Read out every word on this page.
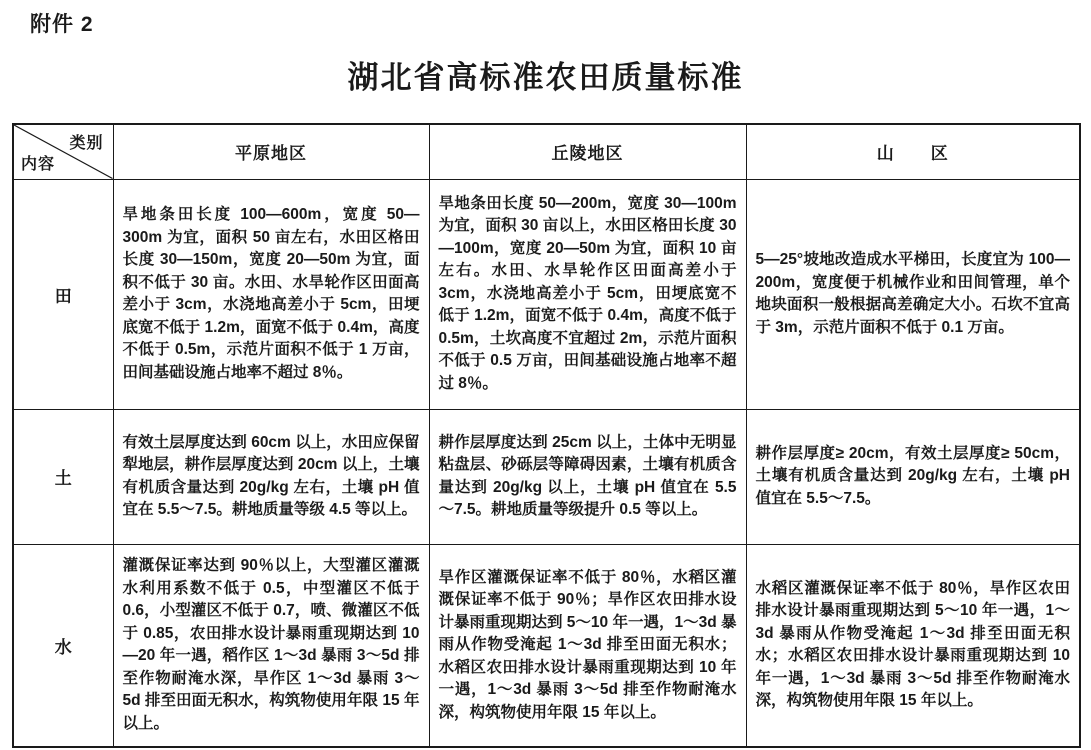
附件 2
湖北省高标准农田质量标准
类别
内容	平原地区	丘陵地区	山　　区
田	旱地条田长度 100—600m，宽度 50—300m 为宜，面积 50 亩左右，水田区格田长度 30—150m，宽度 20—50m 为宜，面积不低于 30 亩。水田、水旱轮作区田面高差小于 3cm，水浇地高差小于 5cm，田埂底宽不低于 1.2m，面宽不低于 0.4m，高度不低于 0.5m，示范片面积不低于 1 万亩，田间基础设施占地率不超过 8％。	旱地条田长度 50—200m，宽度 30—100m 为宜，面积 30 亩以上，水田区格田长度 30—100m，宽度 20—50m 为宜，面积 10 亩左右。水田、水旱轮作区田面高差小于 3cm，水浇地高差小于 5cm，田埂底宽不低于 1.2m，面宽不低于 0.4m，高度不低于 0.5m，土坎高度不宜超过 2m，示范片面积不低于 0.5 万亩，田间基础设施占地率不超过 8％。	5—25°坡地改造成水平梯田，长度宜为 100—200m，宽度便于机械作业和田间管理，单个地块面积一般根据高差确定大小。石坎不宜高于 3m，示范片面积不低于 0.1 万亩。
土	有效土层厚度达到 60cm 以上，水田应保留犁地层，耕作层厚度达到 20cm 以上，土壤有机质含量达到 20g/kg 左右，土壤 pH 值宜在 5.5～7.5。耕地质量等级 4.5 等以上。	耕作层厚度达到 25cm 以上，土体中无明显粘盘层、砂砾层等障碍因素，土壤有机质含量达到 20g/kg 以上，土壤 pH 值宜在 5.5～7.5。耕地质量等级提升 0.5 等以上。	耕作层厚度≥ 20cm，有效土层厚度≥ 50cm，土壤有机质含量达到 20g/kg 左右，土壤 pH 值宜在 5.5～7.5。
水	灌溉保证率达到 90％以上，大型灌区灌溉水利用系数不低于 0.5，中型灌区不低于 0.6，小型灌区不低于 0.7，喷、微灌区不低于 0.85，农田排水设计暴雨重现期达到 10—20 年一遇，稻作区 1～3d 暴雨 3～5d 排至作物耐淹水深，旱作区 1～3d 暴雨 3～5d 排至田面无积水，构筑物使用年限 15 年以上。	旱作区灌溉保证率不低于 80％，水稻区灌溉保证率不低于 90％；旱作区农田排水设计暴雨重现期达到 5～10 年一遇，1～3d 暴雨从作物受淹起 1～3d 排至田面无积水；水稻区农田排水设计暴雨重现期达到 10 年一遇，1～3d 暴雨 3～5d 排至作物耐淹水深，构筑物使用年限 15 年以上。	水稻区灌溉保证率不低于 80％，旱作区农田排水设计暴雨重现期达到 5～10 年一遇，1～3d 暴雨从作物受淹起 1～3d 排至田面无积水；水稻区农田排水设计暴雨重现期达到 10 年一遇，1～3d 暴雨 3～5d 排至作物耐淹水深，构筑物使用年限 15 年以上。
